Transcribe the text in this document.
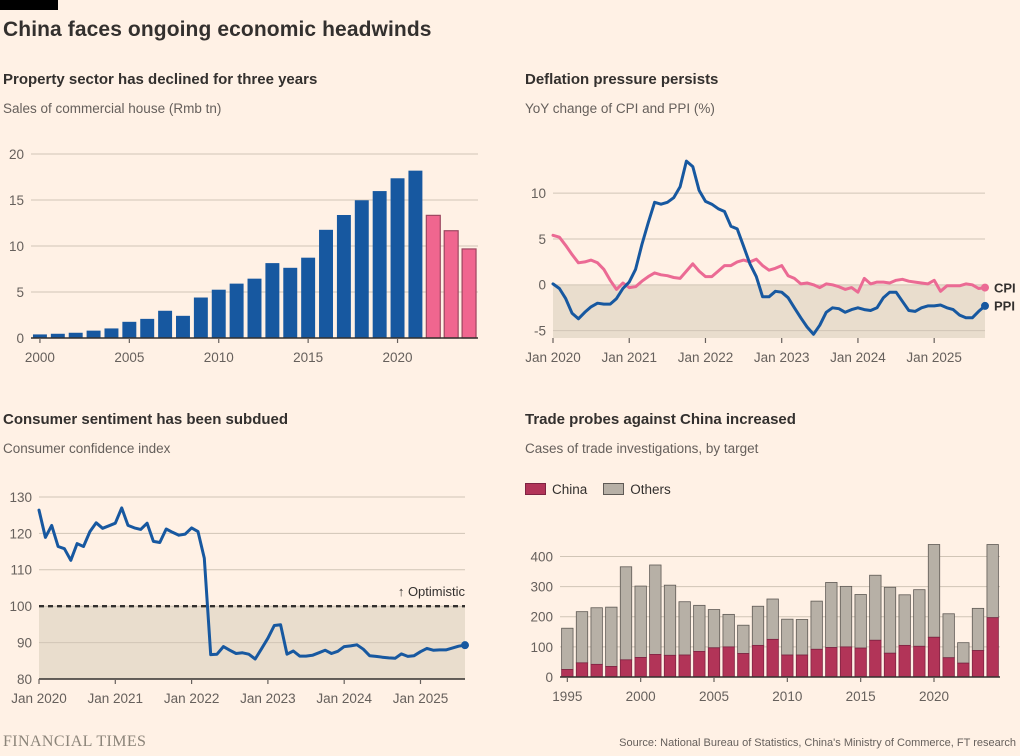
China faces ongoing economic headwinds
Property sector has declined for three years

Sales of commercial house (Rmb tn)

0
5
10
15
20
2000	2005	2010	2015	2020
Deflation pressure persists

YoY change of CPI and PPI (%)

-5
0
5
10
CPI
PPI
Jan 2020 Jan 2021 Jan 2022 Jan 2023 Jan 2024 Jan 2025
Consumer sentiment has been subdued

Consumer confidence index

80
90
100
110
120
130
↑ Optimistic
Jan 2020 Jan 2021 Jan 2022 Jan 2023 Jan 2024 Jan 2025
Trade probes against China increased

Cases of trade investigations, by target

China	Others
0
100
200
300
400
1995	2000	2005	2010	2015	2020
FINANCIAL TIMES	Source: National Bureau of Statistics, China's Ministry of Commerce, FT research
